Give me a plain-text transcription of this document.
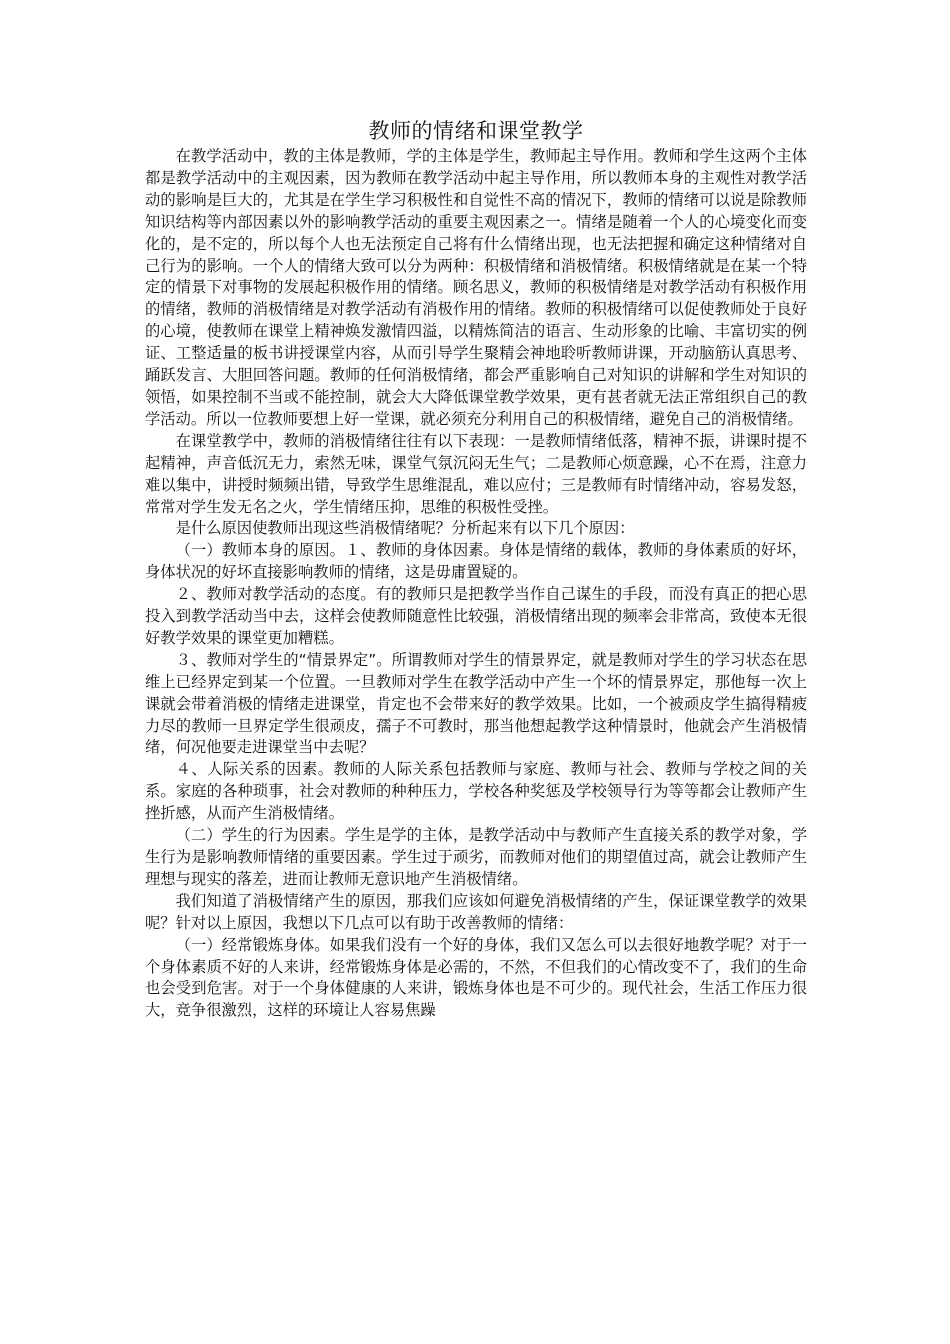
教师的情绪和课堂教学

在教学活动中，教的主体是教师，学的主体是学生，教师起主导作用。教师和学生这两个主体都是教学活动中的主观因素，因为教师在教学活动中起主导作用，所以教师本身的主观性对教学活动的影响是巨大的，尤其是在学生学习积极性和自觉性不高的情况下，教师的情绪可以说是除教师知识结构等内部因素以外的影响教学活动的重要主观因素之一。情绪是随着一个人的心境变化而变化的，是不定的，所以每个人也无法预定自己将有什么情绪出现，也无法把握和确定这种情绪对自己行为的影响。一个人的情绪大致可以分为两种：积极情绪和消极情绪。积极情绪就是在某一个特定的情景下对事物的发展起积极作用的情绪。顾名思义，教师的积极情绪是对教学活动有积极作用的情绪，教师的消极情绪是对教学活动有消极作用的情绪。教师的积极情绪可以促使教师处于良好的心境，使教师在课堂上精神焕发激情四溢，以精炼简洁的语言、生动形象的比喻、丰富切实的例证、工整适量的板书讲授课堂内容，从而引导学生聚精会神地聆听教师讲课，开动脑筋认真思考、踊跃发言、大胆回答问题。教师的任何消极情绪，都会严重影响自己对知识的讲解和学生对知识的领悟，如果控制不当或不能控制，就会大大降低课堂教学效果，更有甚者就无法正常组织自己的教学活动。所以一位教师要想上好一堂课，就必须充分利用自己的积极情绪，避免自己的消极情绪。

在课堂教学中，教师的消极情绪往往有以下表现：一是教师情绪低落，精神不振，讲课时提不起精神，声音低沉无力，索然无味，课堂气氛沉闷无生气；二是教师心烦意躁，心不在焉，注意力难以集中，讲授时频频出错，导致学生思维混乱，难以应付；三是教师有时情绪冲动，容易发怒，常常对学生发无名之火，学生情绪压抑，思维的积极性受挫。

是什么原因使教师出现这些消极情绪呢？分析起来有以下几个原因：

（一）教师本身的原因。１、教师的身体因素。身体是情绪的载体，教师的身体素质的好坏，身体状况的好坏直接影响教师的情绪，这是毋庸置疑的。

２、教师对教学活动的态度。有的教师只是把教学当作自己谋生的手段，而没有真正的把心思投入到教学活动当中去，这样会使教师随意性比较强，消极情绪出现的频率会非常高，致使本无很好教学效果的课堂更加糟糕。

３、教师对学生的“情景界定”。所谓教师对学生的情景界定，就是教师对学生的学习状态在思维上已经界定到某一个位置。一旦教师对学生在教学活动中产生一个坏的情景界定，那他每一次上课就会带着消极的情绪走进课堂，肯定也不会带来好的教学效果。比如，一个被顽皮学生搞得精疲力尽的教师一旦界定学生很顽皮，孺子不可教时，那当他想起教学这种情景时，他就会产生消极情绪，何况他要走进课堂当中去呢？

４、人际关系的因素。教师的人际关系包括教师与家庭、教师与社会、教师与学校之间的关系。家庭的各种琐事，社会对教师的种种压力，学校各种奖惩及学校领导行为等等都会让教师产生挫折感，从而产生消极情绪。

（二）学生的行为因素。学生是学的主体，是教学活动中与教师产生直接关系的教学对象，学生行为是影响教师情绪的重要因素。学生过于顽劣，而教师对他们的期望值过高，就会让教师产生理想与现实的落差，进而让教师无意识地产生消极情绪。

我们知道了消极情绪产生的原因，那我们应该如何避免消极情绪的产生，保证课堂教学的效果呢？针对以上原因，我想以下几点可以有助于改善教师的情绪：

（一）经常锻炼身体。如果我们没有一个好的身体，我们又怎么可以去很好地教学呢？对于一个身体素质不好的人来讲，经常锻炼身体是必需的，不然，不但我们的心情改变不了，我们的生命也会受到危害。对于一个身体健康的人来讲，锻炼身体也是不可少的。现代社会，生活工作压力很大，竞争很激烈，这样的环境让人容易焦躁
